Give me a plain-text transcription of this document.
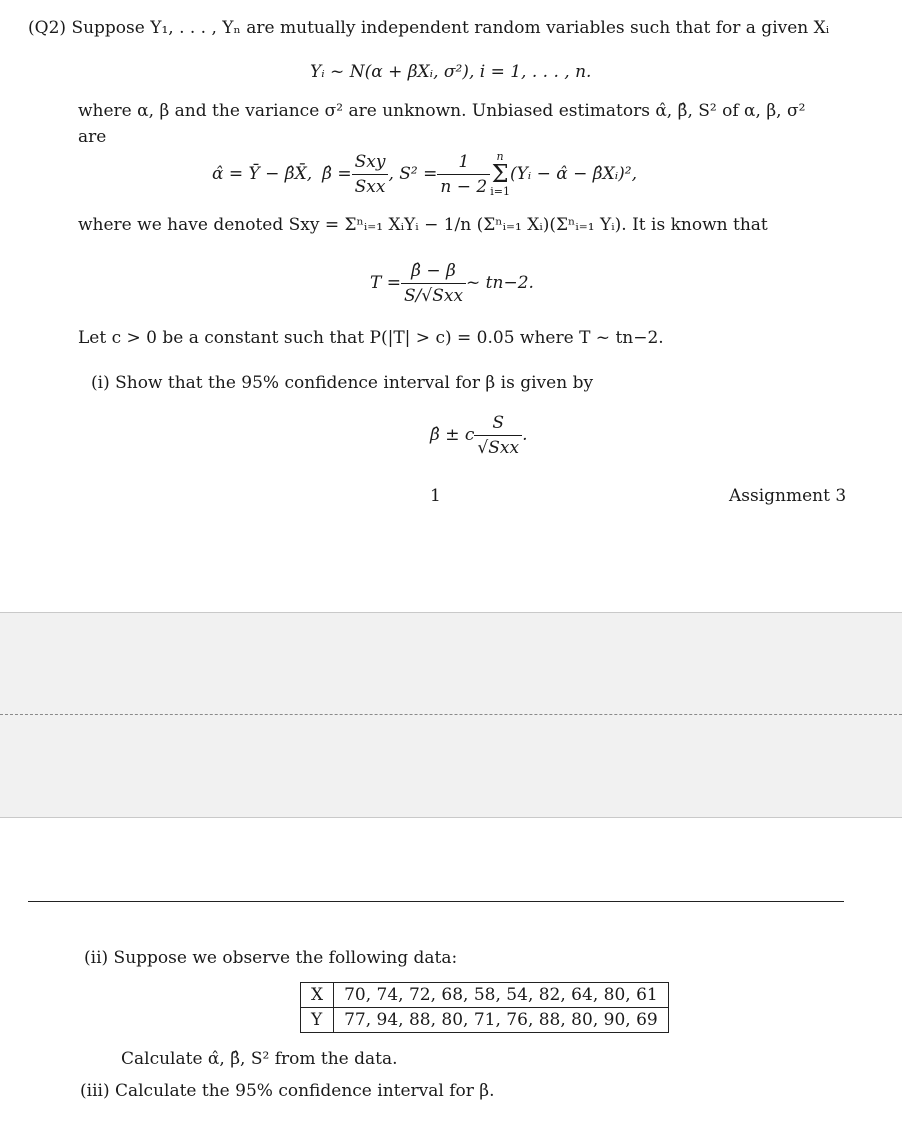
(Q2) Suppose Y₁, . . . , Yₙ are mutually independent random variables such that for a given Xᵢ
Yᵢ ~ N(α + βXᵢ, σ²), i = 1, . . . , n.
where α, β and the variance σ² are unknown. Unbiased estimators α̂, β̂, S² of α, β, σ²
are
α̂ = Ȳ − β̂X̄, β̂ = $\frac{\text{Sxy}}{\text{Sxx}}$ , $S^2 = \frac{1}{n - 2}$ n
Σ
i=1
(Yᵢ − α̂ − β̂Xᵢ)²,
where we have denoted Sxy = Σⁿᵢ₌₁ XᵢYᵢ − 1/n (Σⁿᵢ₌₁ Xᵢ)(Σⁿᵢ₌₁ Yᵢ). It is known that
$T = \frac{\betâ - \beta}{\text{S/√Sxx}}$ ~ tn−2.
Let c > 0 be a constant such that P(|T| > c) = 0.05 where T ~ tn−2.
(i) Show that the 95% confidence interval for β is given by
β̂ ± c $\frac{S}{\text{√Sxx}}$ .
1	Assignment 3
(ii) Suppose we observe the following data:
X	70, 74, 72, 68, 58, 54, 82, 64, 80, 61
Y	77, 94, 88, 80, 71, 76, 88, 80, 90, 69
Calculate α̂, β̂, S² from the data.
(iii) Calculate the 95% confidence interval for β.
